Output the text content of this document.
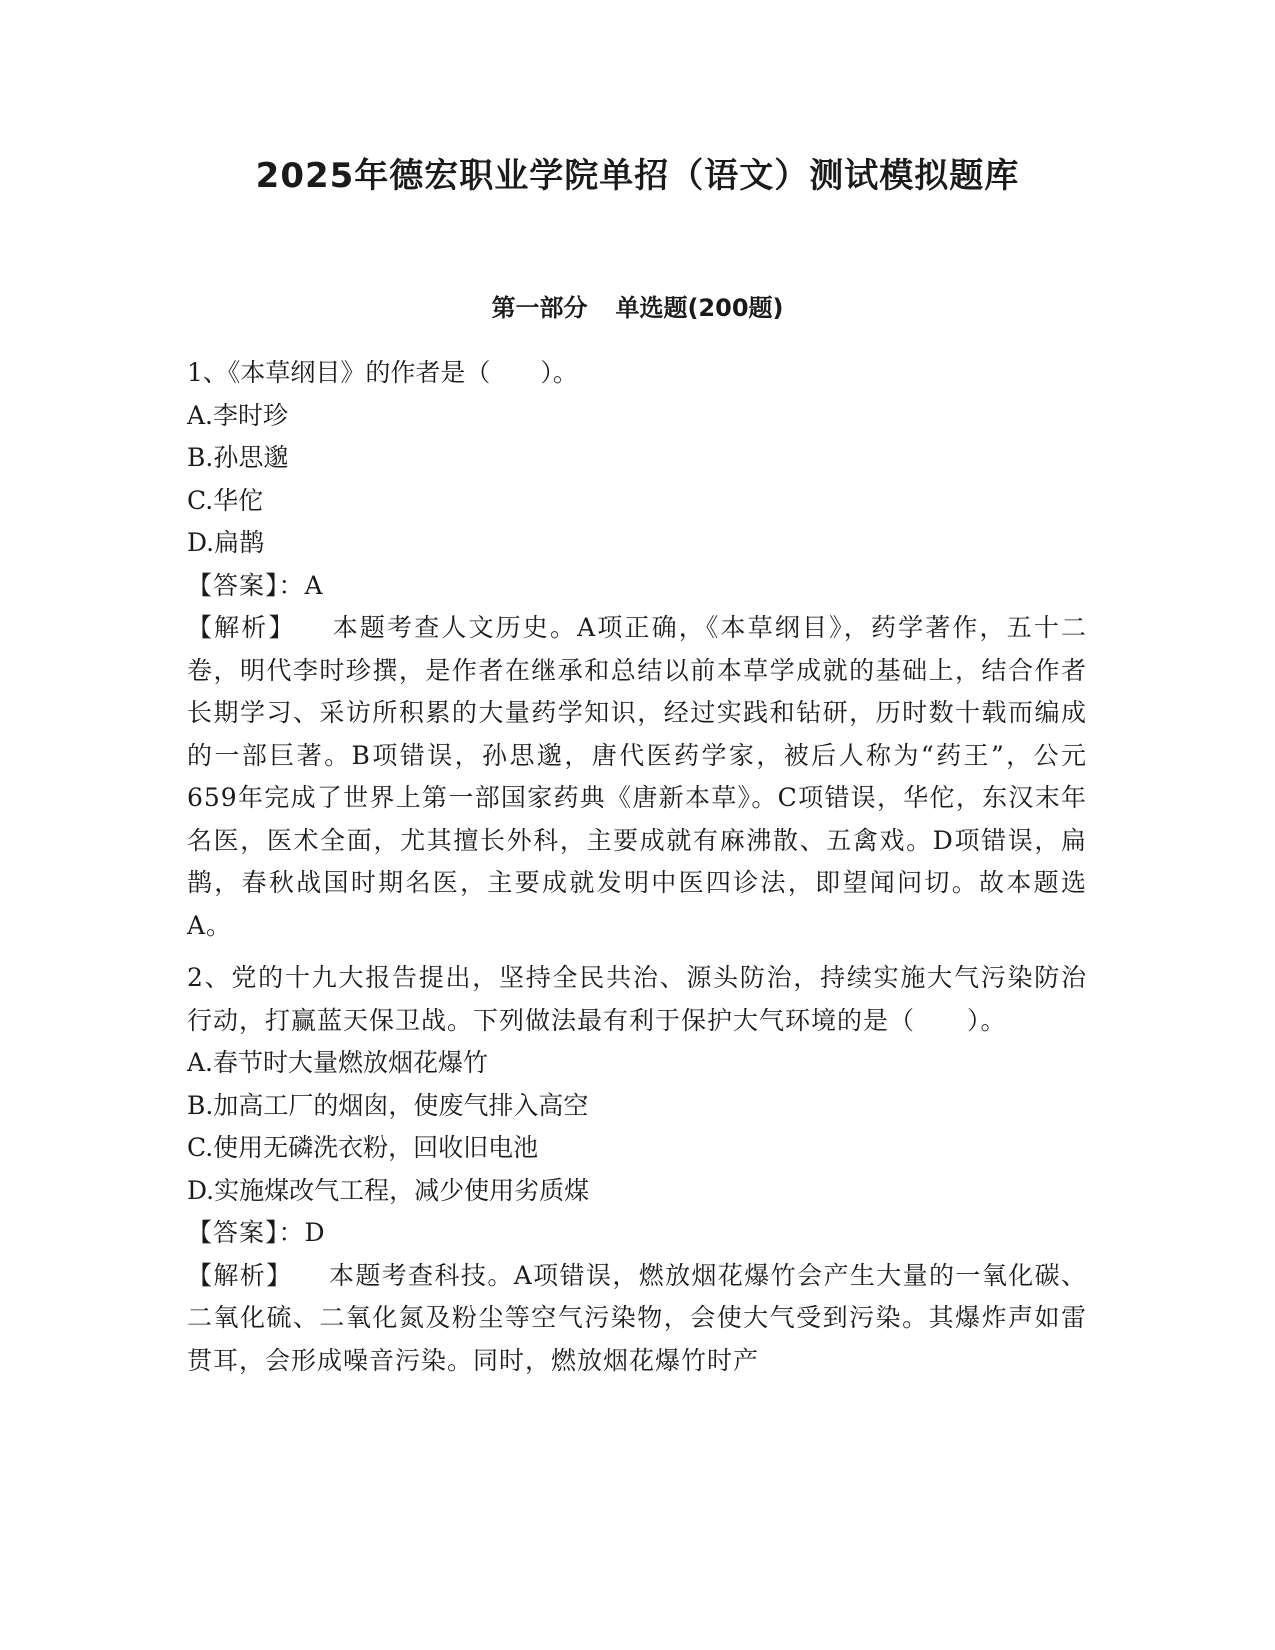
2025年德宏职业学院单招（语文）测试模拟题库
第一部分 单选题(200题)

1、《本草纲目》的作者是（　　）。

A.李时珍

B.孙思邈

C.华佗

D.扁鹊

【答案】：A

【解析】 本题考查人文历史。A项正确，《本草纲目》，药学著作，五十二卷，明代李时珍撰，是作者在继承和总结以前本草学成就的基础上，结合作者长期学习、采访所积累的大量药学知识，经过实践和钻研，历时数十载而编成的一部巨著。B项错误，孙思邈，唐代医药学家，被后人称为“药王”，公元659年完成了世界上第一部国家药典《唐新本草》。C项错误，华佗，东汉末年名医，医术全面，尤其擅长外科，主要成就有麻沸散、五禽戏。D项错误，扁鹊，春秋战国时期名医，主要成就发明中医四诊法，即望闻问切。故本题选A。

2、党的十九大报告提出，坚持全民共治、源头防治，持续实施大气污染防治行动，打赢蓝天保卫战。下列做法最有利于保护大气环境的是（　　）。

A.春节时大量燃放烟花爆竹

B.加高工厂的烟囱，使废气排入高空

C.使用无磷洗衣粉，回收旧电池

D.实施煤改气工程，减少使用劣质煤

【答案】：D

【解析】 本题考查科技。A项错误，燃放烟花爆竹会产生大量的一氧化碳、二氧化硫、二氧化氮及粉尘等空气污染物，会使大气受到污染。其爆炸声如雷贯耳，会形成噪音污染。同时，燃放烟花爆竹时产
